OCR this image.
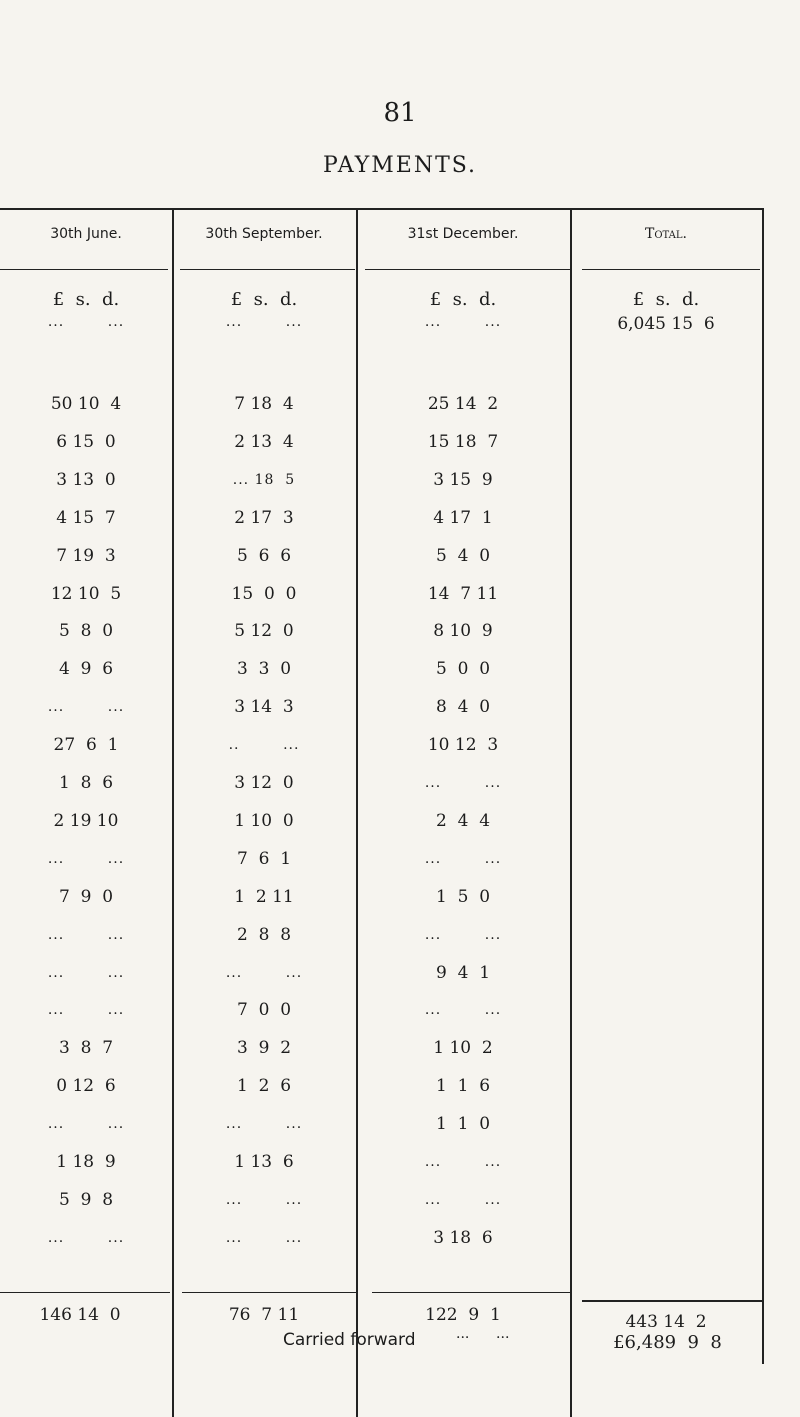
81
PAYMENTS.
30th June.	30th September.	31st December.	Total.
£  s.  d.	£  s.  d.	£  s.  d.	£  s.  d.
...        ...	...        ...	...        ...	6,045 15  6
50 10  4	7 18  4	25 14  2
6 15  0	2 13  4	15 18  7
3 13  0	... 18  5	3 15  9
4 15  7	2 17  3	4 17  1
7 19  3	5  6  6	5  4  0
12 10  5	15  0  0	14  7 11
5  8  0	5 12  0	8 10  9
4  9  6	3  3  0	5  0  0
...        ...	3 14  3	8  4  0
27  6  1	..        ...	10 12  3
1  8  6	3 12  0	...        ...
2 19 10	1 10  0	2  4  4
...        ...	7  6  1	...        ...
7  9  0	1  2 11	1  5  0
...        ...	2  8  8	...        ...
...        ...	...        ...	9  4  1
...        ...	7  0  0	...        ...
3  8  7	3  9  2	1 10  2
0 12  6	1  2  6	1  1  6
...        ...	...        ...	1  1  0
1 18  9	1 13  6	...        ...
5  9  8	...        ...	...        ...
...        ...	...        ...	3 18  6
146 14  0	76  7 11	122  9  1	443 14  2
Carried forward	...      ...	£6,489  9  8
